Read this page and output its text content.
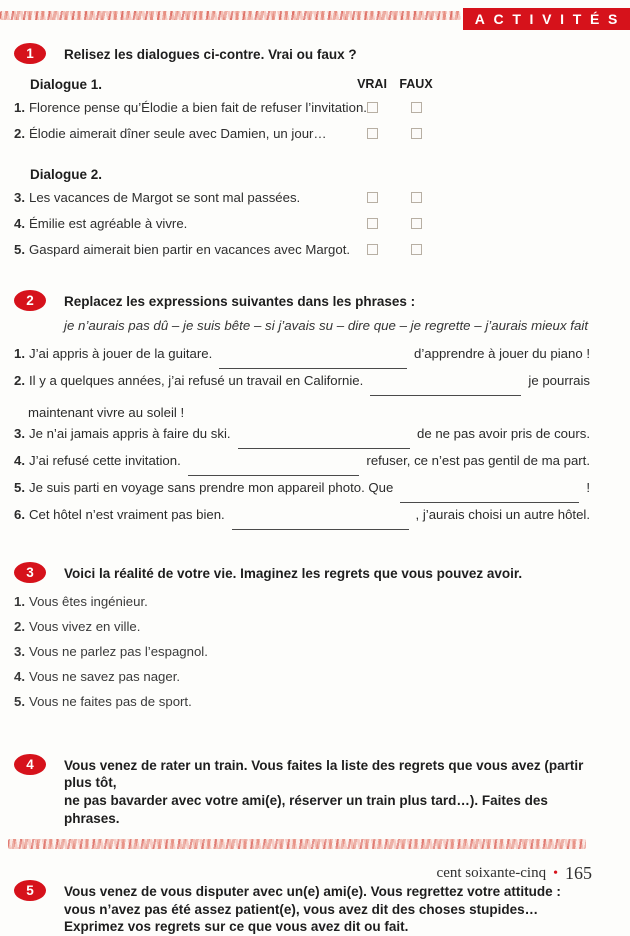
ACTIVITÉS
1	Relisez les dialogues ci-contre. Vrai ou faux ?
Dialogue 1.	VRAI FAUX
1. Florence pense qu’Élodie a bien fait de refuser l’invitation.
2. Élodie aimerait dîner seule avec Damien, un jour…
Dialogue 2.
3. Les vacances de Margot se sont mal passées.
4. Émilie est agréable à vivre.
5. Gaspard aimerait bien partir en vacances avec Margot.
2	Replacez les expressions suivantes dans les phrases :
je n’aurais pas dû – je suis bête – si j’avais su – dire que – je regrette – j’aurais mieux fait
1. J’ai appris à jouer de la guitare.	d’apprendre à jouer du piano !
2. Il y a quelques années, j’ai refusé un travail en Californie.	je pourrais
maintenant vivre au soleil !
3. Je n’ai jamais appris à faire du ski.	de ne pas avoir pris de cours.
4. J’ai refusé cette invitation.	refuser, ce n’est pas gentil de ma part.
5. Je suis parti en voyage sans prendre mon appareil photo. Que	!
6. Cet hôtel n’est vraiment pas bien.	, j’aurais choisi un autre hôtel.
3	Voici la réalité de votre vie. Imaginez les regrets que vous pouvez avoir.
1. Vous êtes ingénieur.
2. Vous vivez en ville.
3. Vous ne parlez pas l’espagnol.
4. Vous ne savez pas nager.
5. Vous ne faites pas de sport.
4	Vous venez de rater un train. Vous faites la liste des regrets que vous avez (partir plus tôt,
ne pas bavarder avec votre ami(e), réserver un train plus tard…). Faites des phrases.
5	Vous venez de vous disputer avec un(e) ami(e). Vous regrettez votre attitude :
vous n’avez pas été assez patient(e), vous avez dit des choses stupides…
Exprimez vos regrets sur ce que vous avez dit ou fait.
cent soixante-cinq • 165
